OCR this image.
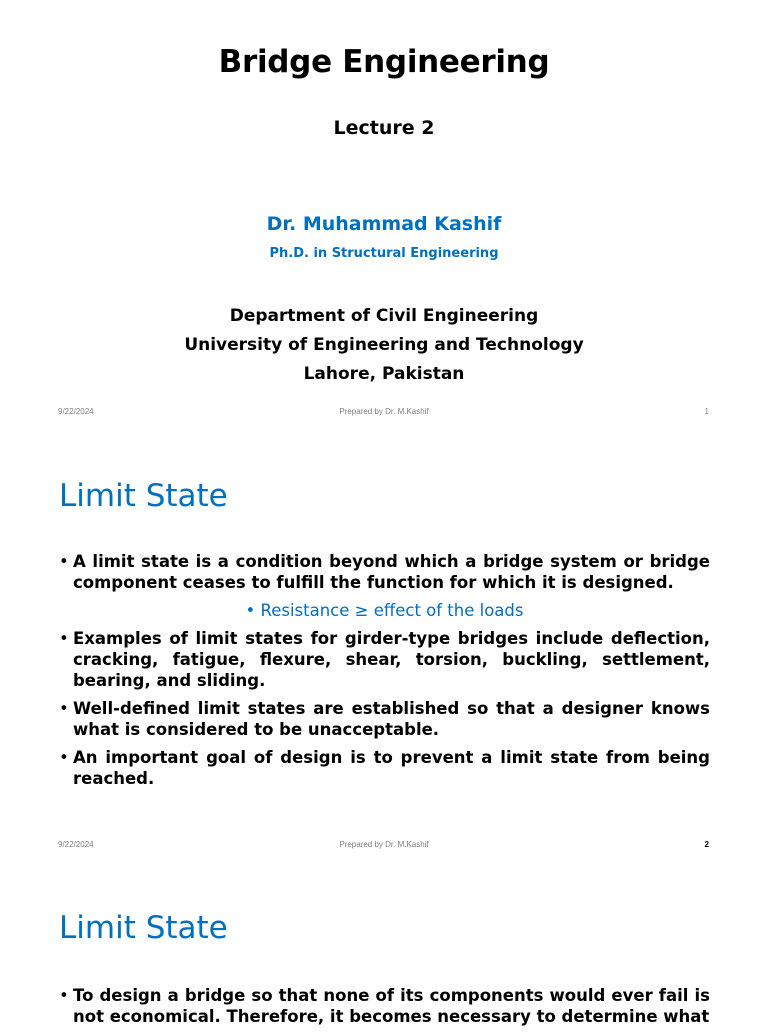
Bridge Engineering
Lecture 2
Dr. Muhammad Kashif
Ph.D. in Structural Engineering
Department of Civil Engineering
University of Engineering and Technology
Lahore, Pakistan
9/22/2024	Prepared by Dr. M.Kashif	1
Limit State
• A limit state is a condition beyond which a bridge system or bridge component ceases to fulfill the function for which it is designed.
• Resistance ≥ effect of the loads
• Examples of limit states for girder-type bridges include deflection, cracking, fatigue, flexure, shear, torsion, buckling, settlement, bearing, and sliding.
• Well-defined limit states are established so that a designer knows what is considered to be unacceptable.
• An important goal of design is to prevent a limit state from being reached.
9/22/2024	Prepared by Dr. M.Kashif	2
Limit State
• To design a bridge so that none of its components would ever fail is not economical. Therefore, it becomes necessary to determine what
